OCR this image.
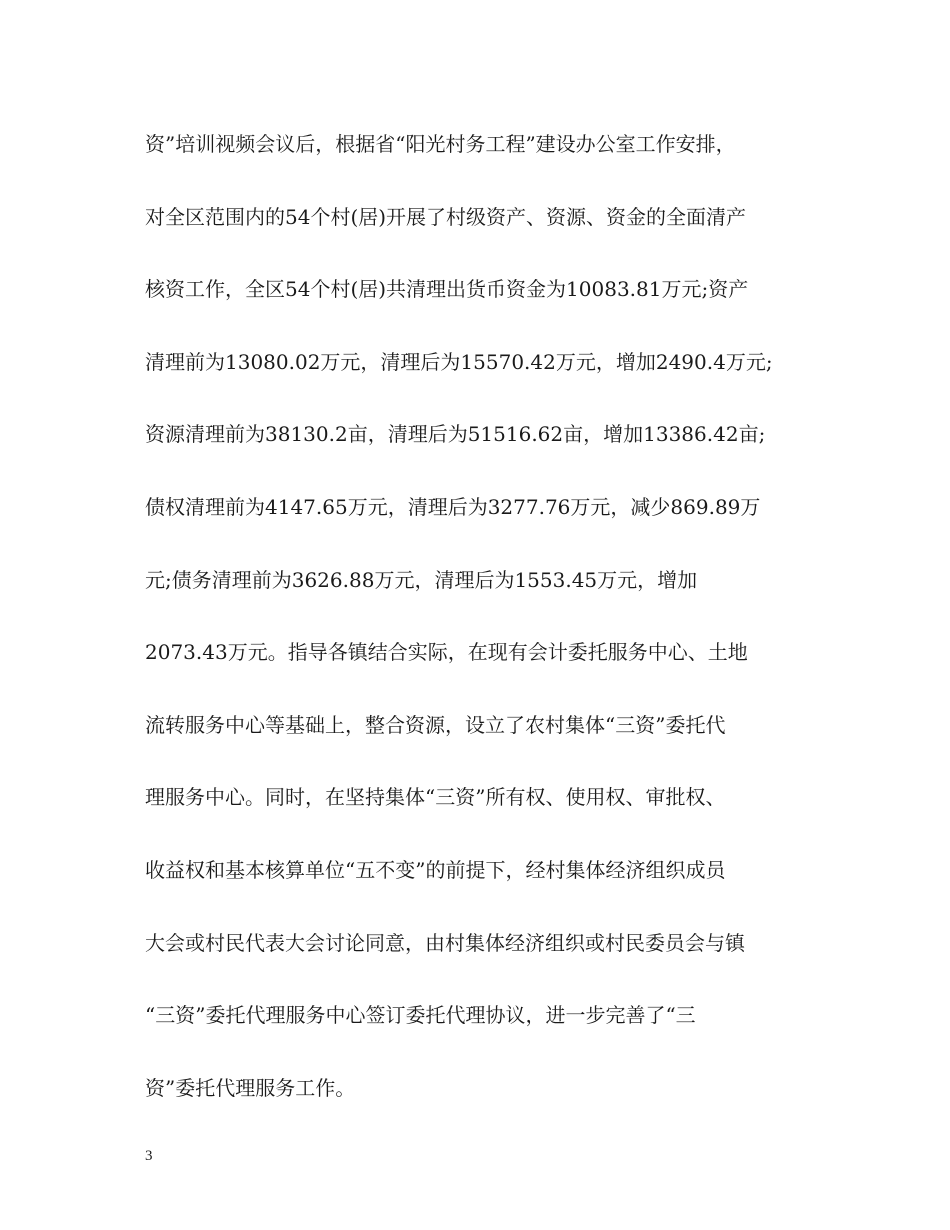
资”培训视频会议后，根据省“阳光村务工程”建设办公室工作安排，
对全区范围内的54个村(居)开展了村级资产、资源、资金的全面清产
核资工作，全区54个村(居)共清理出货币资金为10083.81万元;资产
清理前为13080.02万元，清理后为15570.42万元，增加2490.4万元;
资源清理前为38130.2亩，清理后为51516.62亩，增加13386.42亩;
债权清理前为4147.65万元，清理后为3277.76万元，减少869.89万
元;债务清理前为3626.88万元，清理后为1553.45万元，增加
2073.43万元。指导各镇结合实际，在现有会计委托服务中心、土地
流转服务中心等基础上，整合资源，设立了农村集体“三资”委托代
理服务中心。同时，在坚持集体“三资”所有权、使用权、审批权、
收益权和基本核算单位“五不变”的前提下，经村集体经济组织成员
大会或村民代表大会讨论同意，由村集体经济组织或村民委员会与镇
“三资”委托代理服务中心签订委托代理协议，进一步完善了“三
资”委托代理服务工作。
3
